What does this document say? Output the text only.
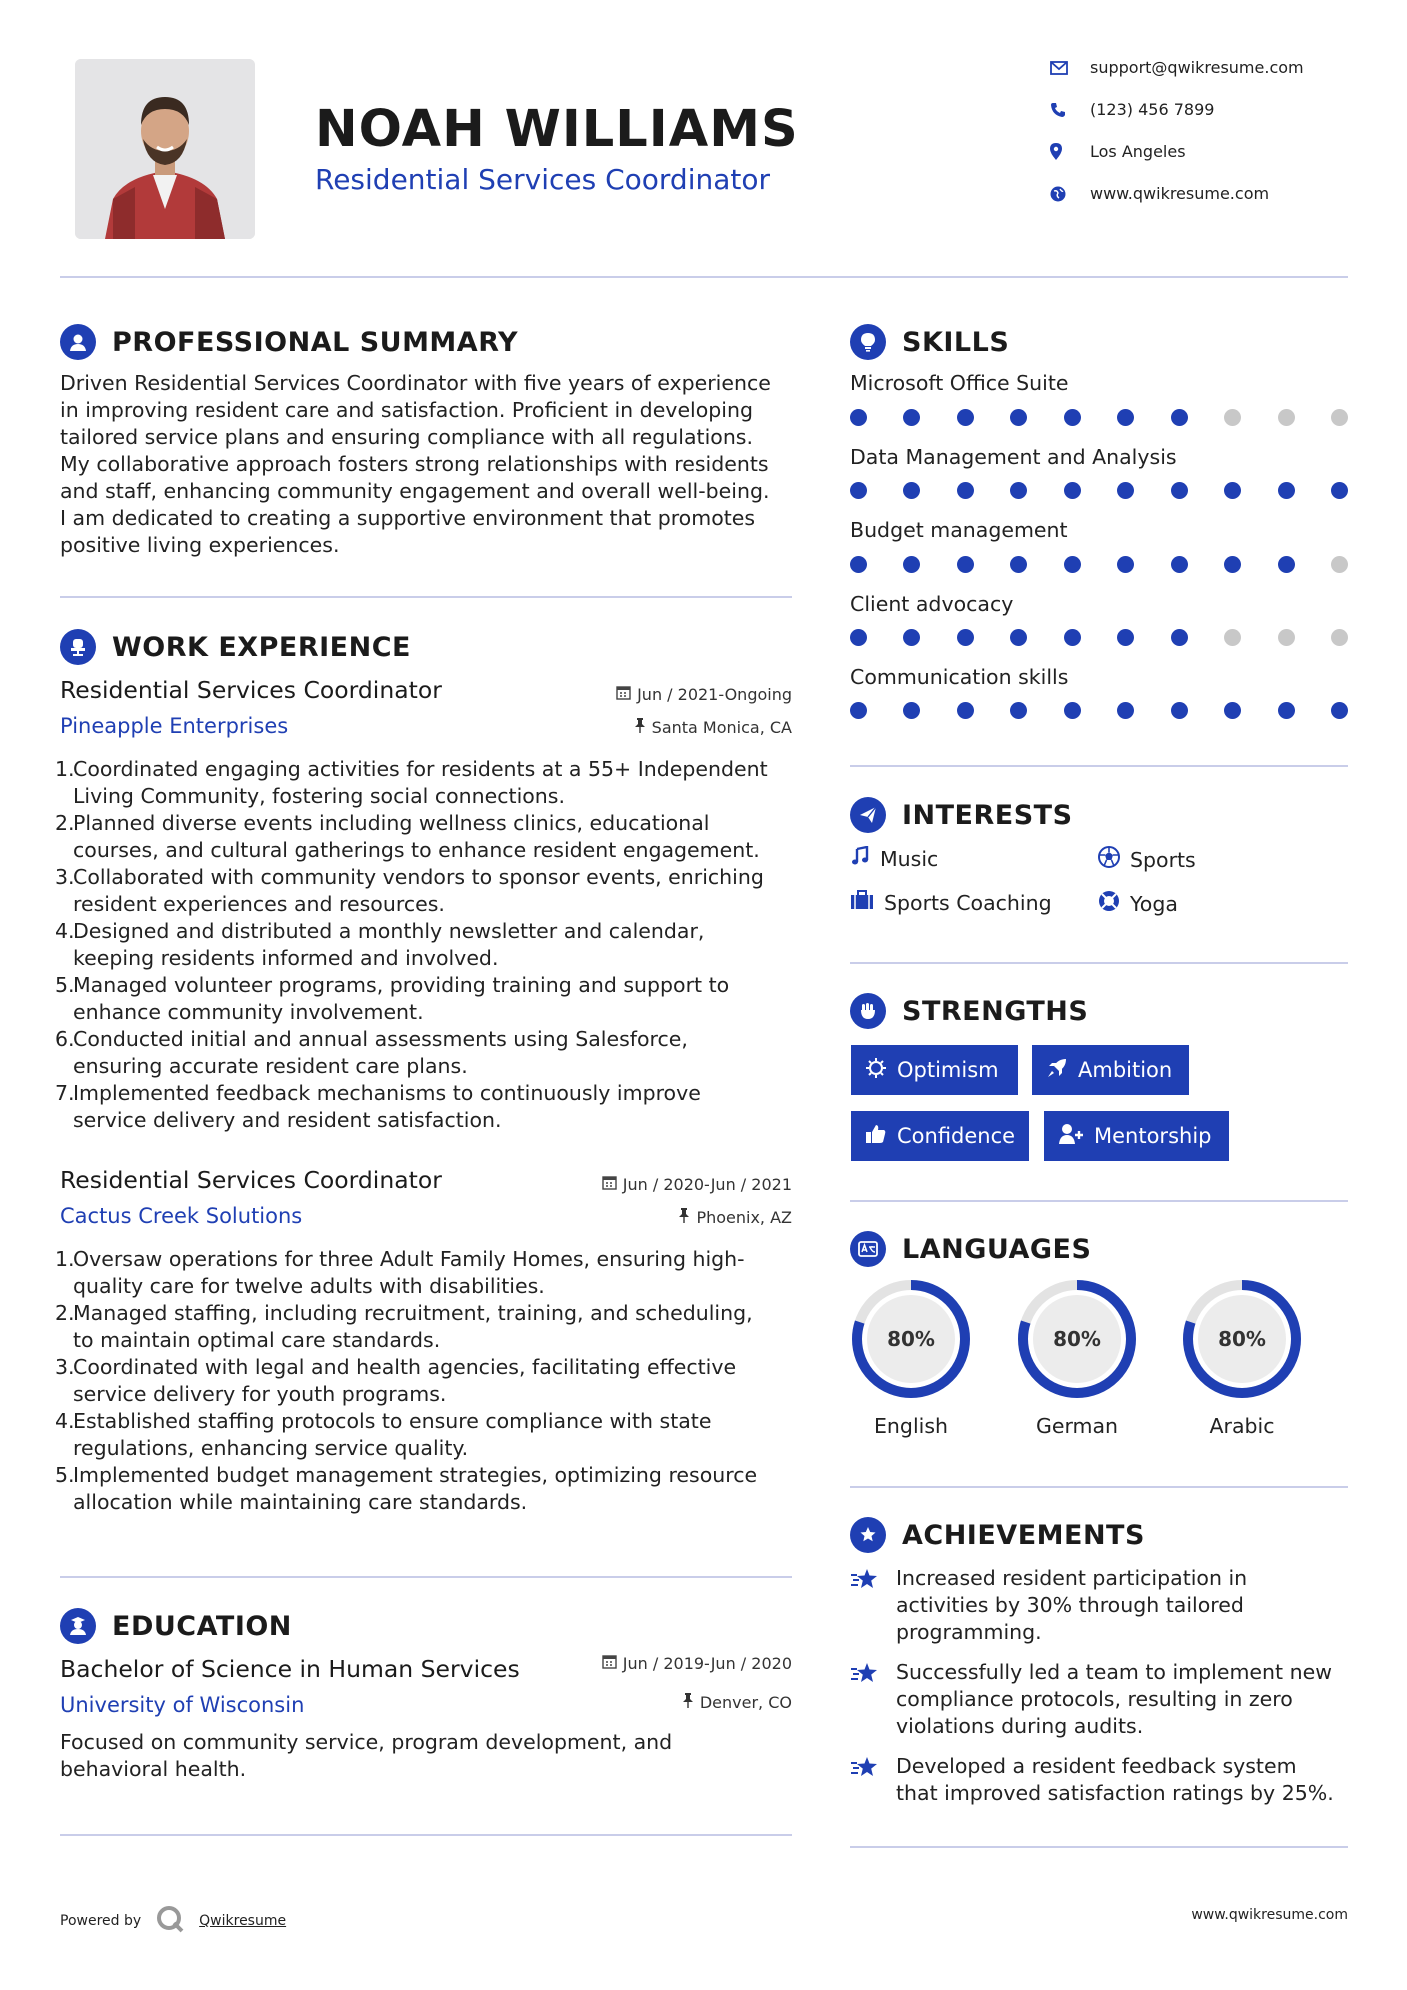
NOAH WILLIAMS
Residential Services Coordinator
support@qwikresume.com
(123) 456 7899
Los Angeles
www.qwikresume.com
PROFESSIONAL SUMMARY
Driven Residential Services Coordinator with five years of experience
in improving resident care and satisfaction. Proficient in developing
tailored service plans and ensuring compliance with all regulations.
My collaborative approach fosters strong relationships with residents
and staff, enhancing community engagement and overall well-being.
I am dedicated to creating a supportive environment that promotes
positive living experiences.
WORK EXPERIENCE
Residential Services Coordinator
Pineapple Enterprises
Jun / 2021-Ongoing
Santa Monica, CA
1.
Coordinated engaging activities for residents at a 55+ Independent
Living Community, fostering social connections.
2.
Planned diverse events including wellness clinics, educational
courses, and cultural gatherings to enhance resident engagement.
3.
Collaborated with community vendors to sponsor events, enriching
resident experiences and resources.
4.
Designed and distributed a monthly newsletter and calendar,
keeping residents informed and involved.
5.
Managed volunteer programs, providing training and support to
enhance community involvement.
6.
Conducted initial and annual assessments using Salesforce,
ensuring accurate resident care plans.
7.
Implemented feedback mechanisms to continuously improve
service delivery and resident satisfaction.
Residential Services Coordinator
Cactus Creek Solutions
Jun / 2020-Jun / 2021
Phoenix, AZ
1.
Oversaw operations for three Adult Family Homes, ensuring high-
quality care for twelve adults with disabilities.
2.
Managed staffing, including recruitment, training, and scheduling,
to maintain optimal care standards.
3.
Coordinated with legal and health agencies, facilitating effective
service delivery for youth programs.
4.
Established staffing protocols to ensure compliance with state
regulations, enhancing service quality.
5.
Implemented budget management strategies, optimizing resource
allocation while maintaining care standards.
EDUCATION
Bachelor of Science in Human Services
University of Wisconsin
Jun / 2019-Jun / 2020
Denver, CO
Focused on community service, program development, and
behavioral health.
SKILLS
Microsoft Office Suite
Data Management and Analysis
Budget management
Client advocacy
Communication skills
INTERESTS
Music	Sports
Sports Coaching	Yoga
STRENGTHS
Optimism	Ambition
Confidence	Mentorship
LANGUAGES
80%	80%	80%
English	German	Arabic
ACHIEVEMENTS
Increased resident participation in
activities by 30% through tailored
programming.
Successfully led a team to implement new
compliance protocols, resulting in zero
violations during audits.
Developed a resident feedback system
that improved satisfaction ratings by 25%.
Powered by	Qwikresume	www.qwikresume.com
